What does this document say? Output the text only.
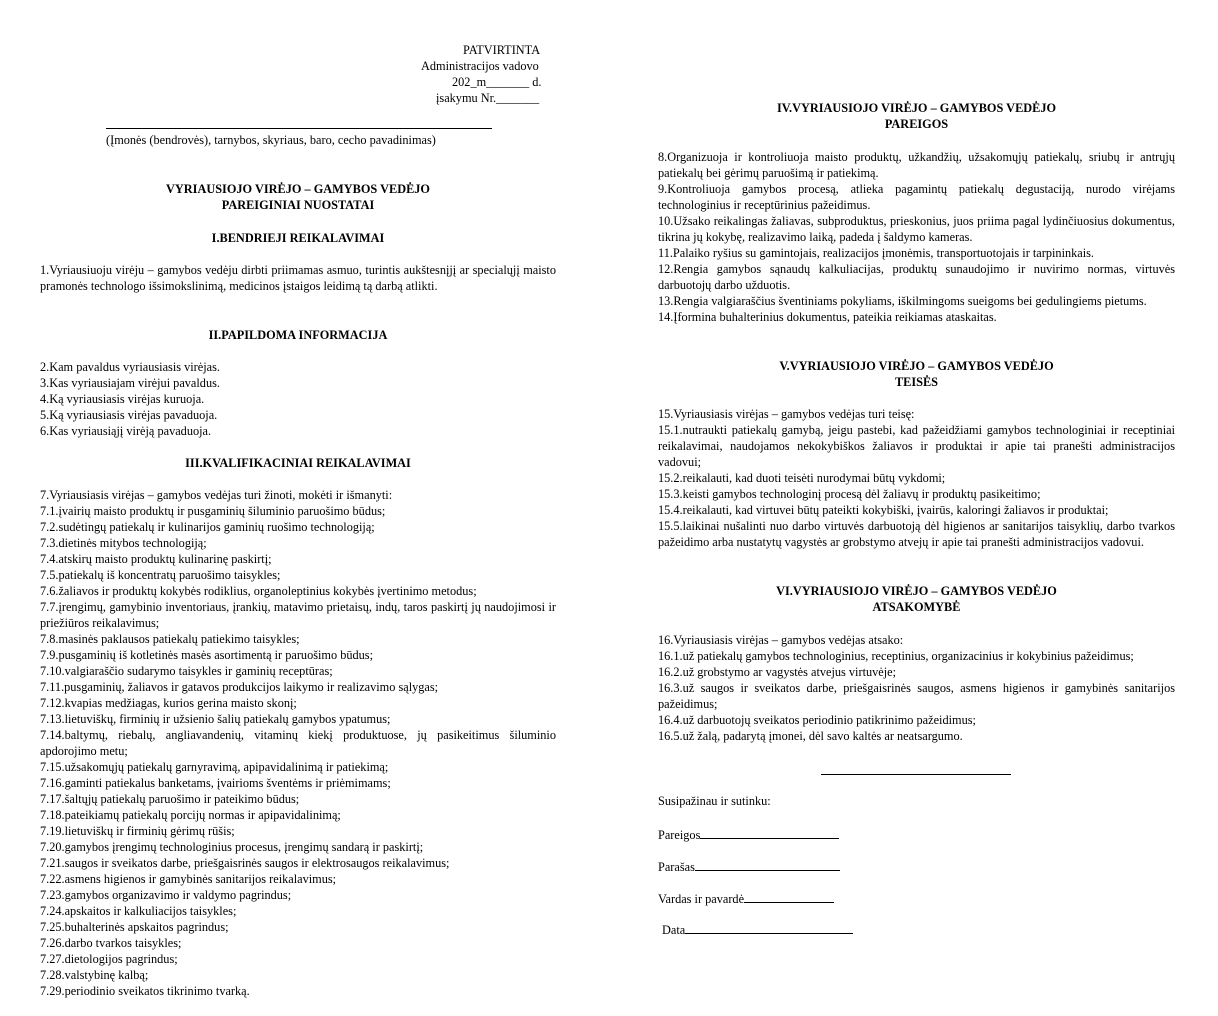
PATVIRTINTA
Administracijos vadovo
202_m_______ d.
įsakymu Nr._______
(Įmonės (bendrovės), tarnybos, skyriaus, baro, cecho pavadinimas)
VYRIAUSIOJO VIRĖJO – GAMYBOS VEDĖJO
PAREIGINIAI NUOSTATAI
I.BENDRIEJI REIKALAVIMAI
1.Vyriausiuoju virėju – gamybos vedėju dirbti priimamas asmuo, turintis aukštesnįjį ar specialųjį maisto pramonės technologo išsimokslinimą, medicinos įstaigos leidimą tą darbą atlikti.
II.PAPILDOMA INFORMACIJA
2.Kam pavaldus vyriausiasis virėjas.
3.Kas vyriausiajam virėjui pavaldus.
4.Ką vyriausiasis virėjas kuruoja.
5.Ką vyriausiasis virėjas pavaduoja.
6.Kas vyriausiąjį virėją pavaduoja.
III.KVALIFIKACINIAI REIKALAVIMAI
7.Vyriausiasis virėjas – gamybos vedėjas turi žinoti, mokėti ir išmanyti:
7.1.įvairių maisto produktų ir pusgaminių šiluminio paruošimo būdus;
7.2.sudėtingų patiekalų ir kulinarijos gaminių ruošimo technologiją;
7.3.dietinės mitybos technologiją;
7.4.atskirų maisto produktų kulinarinę paskirtį;
7.5.patiekalų iš koncentratų paruošimo taisykles;
7.6.žaliavos ir produktų kokybės rodiklius, organoleptinius kokybės įvertinimo metodus;
7.7.įrengimų, gamybinio inventoriaus, įrankių, matavimo prietaisų, indų, taros paskirtį jų naudojimosi ir priežiūros reikalavimus;
7.8.masinės paklausos patiekalų patiekimo taisykles;
7.9.pusgaminių iš kotletinės masės asortimentą ir paruošimo būdus;
7.10.valgiaraščio sudarymo taisykles ir gaminių receptūras;
7.11.pusgaminių, žaliavos ir gatavos produkcijos laikymo ir realizavimo sąlygas;
7.12.kvapias medžiagas, kurios gerina maisto skonį;
7.13.lietuviškų, firminių ir užsienio šalių patiekalų gamybos ypatumus;
7.14.baltymų, riebalų, angliavandenių, vitaminų kiekį produktuose, jų pasikeitimus šiluminio apdorojimo metu;
7.15.užsakomųjų patiekalų garnyravimą, apipavidalinimą ir patiekimą;
7.16.gaminti patiekalus banketams, įvairioms šventėms ir priėmimams;
7.17.šaltųjų patiekalų paruošimo ir pateikimo būdus;
7.18.pateikiamų patiekalų porcijų normas ir apipavidalinimą;
7.19.lietuviškų ir firminių gėrimų rūšis;
7.20.gamybos įrengimų technologinius procesus, įrengimų sandarą ir paskirtį;
7.21.saugos ir sveikatos darbe, priešgaisrinės saugos ir elektrosaugos reikalavimus;
7.22.asmens higienos ir gamybinės sanitarijos reikalavimus;
7.23.gamybos organizavimo ir valdymo pagrindus;
7.24.apskaitos ir kalkuliacijos taisykles;
7.25.buhalterinės apskaitos pagrindus;
7.26.darbo tvarkos taisykles;
7.27.dietologijos pagrindus;
7.28.valstybinę kalbą;
7.29.periodinio sveikatos tikrinimo tvarką.
IV.VYRIAUSIOJO VIRĖJO – GAMYBOS VEDĖJO
PAREIGOS
8.Organizuoja ir kontroliuoja maisto produktų, užkandžių, užsakomųjų patiekalų, sriubų ir antrųjų patiekalų bei gėrimų paruošimą ir patiekimą.
9.Kontroliuoja gamybos procesą, atlieka pagamintų patiekalų degustaciją, nurodo virėjams technologinius ir receptūrinius pažeidimus.
10.Užsako reikalingas žaliavas, subproduktus, prieskonius, juos priima pagal lydinčiuosius dokumentus, tikrina jų kokybę, realizavimo laiką, padeda į šaldymo kameras.
11.Palaiko ryšius su gamintojais, realizacijos įmonėmis, transportuotojais ir tarpininkais.
12.Rengia gamybos sąnaudų kalkuliacijas, produktų sunaudojimo ir nuvirimo normas, virtuvės darbuotojų darbo užduotis.
13.Rengia valgiaraščius šventiniams pokyliams, iškilmingoms sueigoms bei gedulingiems pietums.
14.Įformina buhalterinius dokumentus, pateikia reikiamas ataskaitas.
V.VYRIAUSIOJO VIRĖJO – GAMYBOS VEDĖJO
TEISĖS
15.Vyriausiasis virėjas – gamybos vedėjas turi teisę:
15.1.nutraukti patiekalų gamybą, jeigu pastebi, kad pažeidžiami gamybos technologiniai ir receptiniai reikalavimai, naudojamos nekokybiškos žaliavos ir produktai ir apie tai pranešti administracijos vadovui;
15.2.reikalauti, kad duoti teisėti nurodymai būtų vykdomi;
15.3.keisti gamybos technologinį procesą dėl žaliavų ir produktų pasikeitimo;
15.4.reikalauti, kad virtuvei būtų pateikti kokybiški, įvairūs, kaloringi žaliavos ir produktai;
15.5.laikinai nušalinti nuo darbo virtuvės darbuotoją dėl higienos ar sanitarijos taisyklių, darbo tvarkos pažeidimo arba nustatytų vagystės ar grobstymo atvejų ir apie tai pranešti administracijos vadovui.
VI.VYRIAUSIOJO VIRĖJO – GAMYBOS VEDĖJO
ATSAKOMYBĖ
16.Vyriausiasis virėjas – gamybos vedėjas atsako:
16.1.už patiekalų gamybos technologinius, receptinius, organizacinius ir kokybinius pažeidimus;
16.2.už grobstymo ar vagystės atvejus virtuvėje;
16.3.už saugos ir sveikatos darbe, priešgaisrinės saugos, asmens higienos ir gamybinės sanitarijos pažeidimus;
16.4.už darbuotojų sveikatos periodinio patikrinimo pažeidimus;
16.5.už žalą, padarytą įmonei, dėl savo kaltės ar neatsargumo.
Susipažinau ir sutinku:
Pareigos
Parašas
Vardas ir pavardė
Data
